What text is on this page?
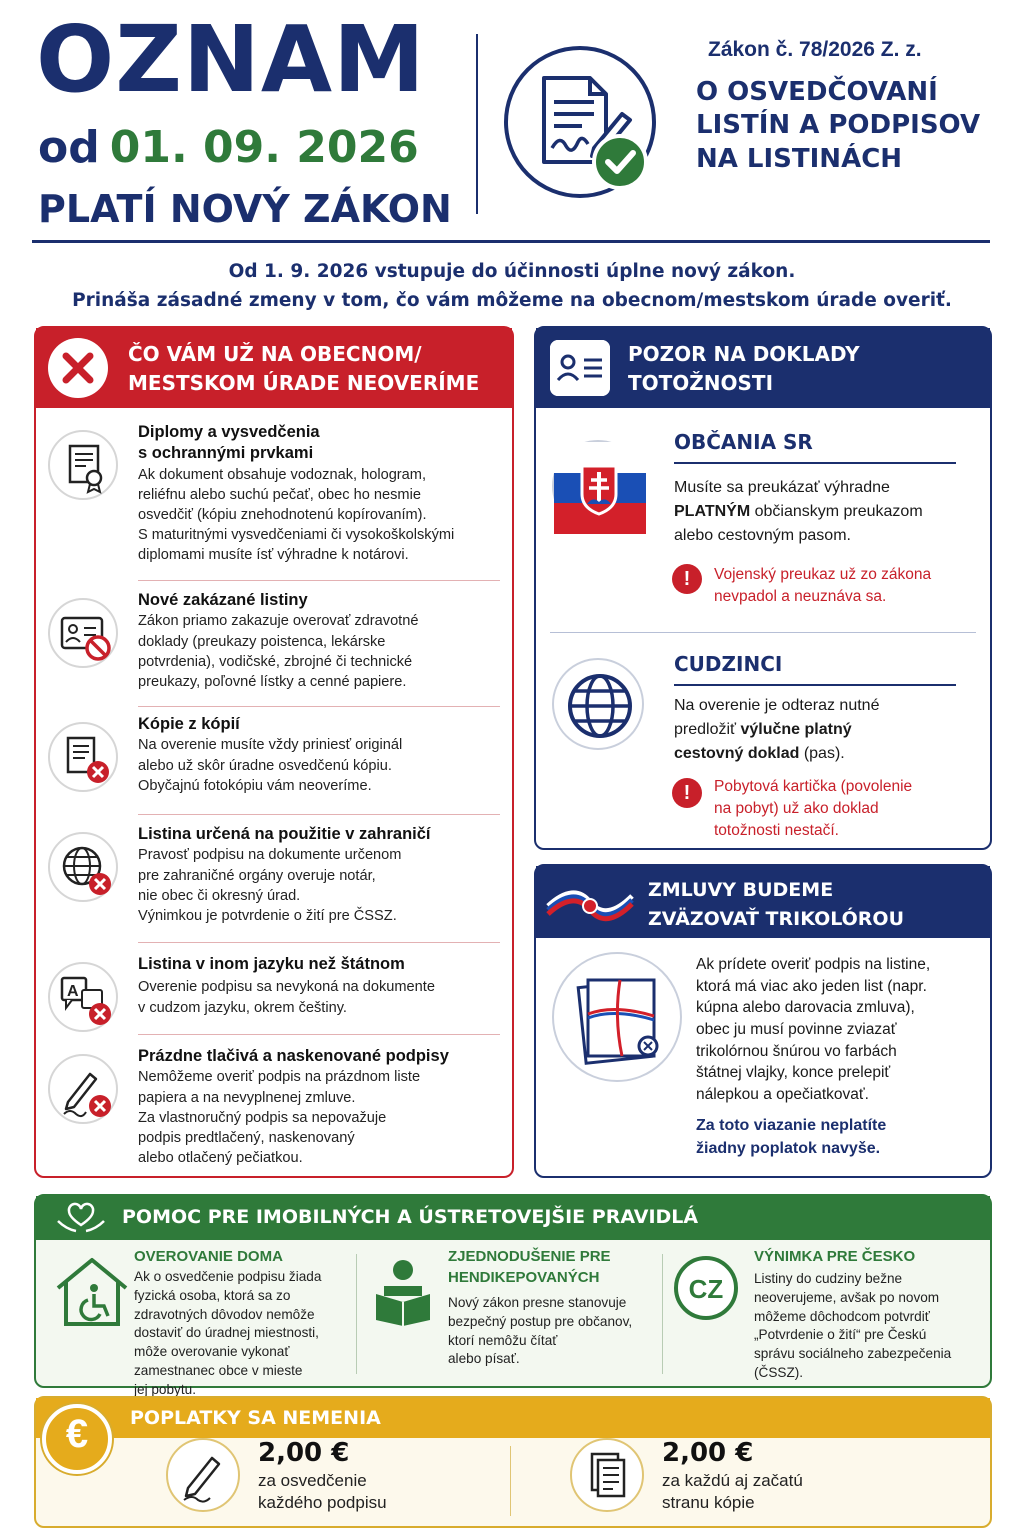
OZNAM
od 01. 09. 2026
PLATÍ NOVÝ ZÁKON
Zákon č. 78/2026 Z. z.
O OSVEDČOVANÍ
LISTÍN A PODPISOV
NA LISTINÁCH
Od 1. 9. 2026 vstupuje do účinnosti úplne nový zákon.
Prináša zásadné zmeny v tom, čo vám môžeme na obecnom/mestskom úrade overiť.
ČO VÁM UŽ NA OBECNOM/
MESTSKOM ÚRADE NEOVERÍME
Diplomy a vysvedčenia
s ochrannými prvkami
Ak dokument obsahuje vodoznak, hologram,
reliéfnu alebo suchú pečať, obec ho nesmie
osvedčiť (kópiu znehodnotenú kopírovaním).
S maturitnými vysvedčeniami či vysokoškolskými
diplomami musíte ísť výhradne k notárovi.
Nové zakázané listiny
Zákon priamo zakazuje overovať zdravotné
doklady (preukazy poistenca, lekárske
potvrdenia), vodičské, zbrojné či technické
preukazy, poľovné lístky a cenné papiere.
Kópie z kópií
Na overenie musíte vždy priniesť originál
alebo už skôr úradne osvedčenú kópiu.
Obyčajnú fotokópiu vám neoveríme.
Listina určená na použitie v zahraničí
Pravosť podpisu na dokumente určenom
pre zahraničné orgány overuje notár,
nie obec či okresný úrad.
Výnimkou je potvrdenie o žití pre ČSSZ.
A
Listina v inom jazyku než štátnom
Overenie podpisu sa nevykoná na dokumente
v cudzom jazyku, okrem češtiny.
Prázdne tlačivá a naskenované podpisy
Nemôžeme overiť podpis na prázdnom liste
papiera a na nevyplnenej zmluve.
Za vlastnoručný podpis sa nepovažuje
podpis predtlačený, naskenovaný
alebo otlačený pečiatkou.
POZOR NA DOKLADY
TOTOŽNOSTI
OBČANIA SR
Musíte sa preukázať výhradne
PLATNÝM občianskym preukazom
alebo cestovným pasom.
!	Vojenský preukaz už zo zákona
nevpadol a neuznáva sa.
CUDZINCI
Na overenie je odteraz nutné
predložiť výlučne platný
cestovný doklad (pas).
!	Pobytová kartička (povolenie
na pobyt) už ako doklad
totožnosti nestačí.
ZMLUVY BUDEME
ZVÄZOVAŤ TRIKOLÓROU
Ak prídete overiť podpis na listine,
ktorá má viac ako jeden list (napr.
kúpna alebo darovacia zmluva),
obec ju musí povinne zviazať
trikolórnou šnúrou vo farbách
štátnej vlajky, konce prelepiť
nálepkou a opečiatkovať.
Za toto viazanie neplatíte
žiadny poplatok navyše.
POMOC PRE IMOBILNÝCH A ÚSTRETOVEJŠIE PRAVIDLÁ
OVEROVANIE DOMA
Ak o osvedčenie podpisu žiada
fyzická osoba, ktorá sa zo
zdravotných dôvodov nemôže
dostaviť do úradnej miestnosti,
môže overovanie vykonať
zamestnanec obce v mieste
jej pobytu.
ZJEDNODUŠENIE PRE
HENDIKEPOVANÝCH
Nový zákon presne stanovuje
bezpečný postup pre občanov,
ktorí nemôžu čítať
alebo písať.
CZ
VÝNIMKA PRE ČESKO
Listiny do cudziny bežne
neoverujeme, avšak po novom
môžeme dôchodcom potvrdiť
„Potvrdenie o žití“ pre Českú
správu sociálneho zabezpečenia
(ČSSZ).
POPLATKY SA NEMENIA
€	2,00 €
za osvedčenie
každého podpisu
2,00 €
za každú aj začatú
stranu kópie
